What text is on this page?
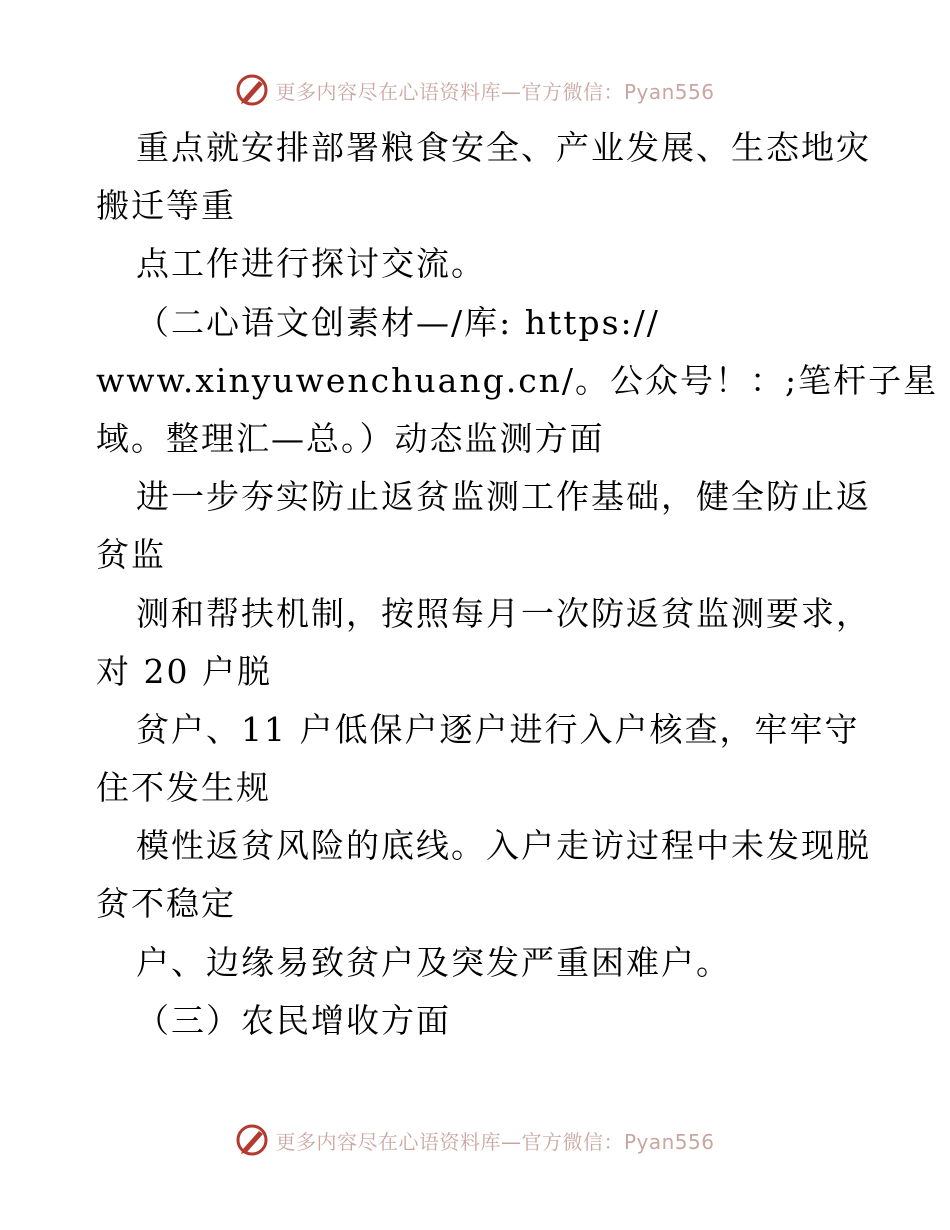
更多内容尽在心语资料库—官方微信：Pyan556
重点就安排部署粮食安全、产业发展、生态地灾
搬迁等重
点工作进行探讨交流。
（二心语文创素材—/库: https://
www.xinyuwenchuang.cn/。公众号！：;笔杆子星
域。整理汇—总。）动态监测方面
进一步夯实防止返贫监测工作基础，健全防止返
贫监
测和帮扶机制，按照每月一次防返贫监测要求，
对 20 户脱
贫户、11 户低保户逐户进行入户核查，牢牢守
住不发生规
模性返贫风险的底线。入户走访过程中未发现脱
贫不稳定
户、边缘易致贫户及突发严重困难户。
（三）农民增收方面
更多内容尽在心语资料库—官方微信：Pyan556
